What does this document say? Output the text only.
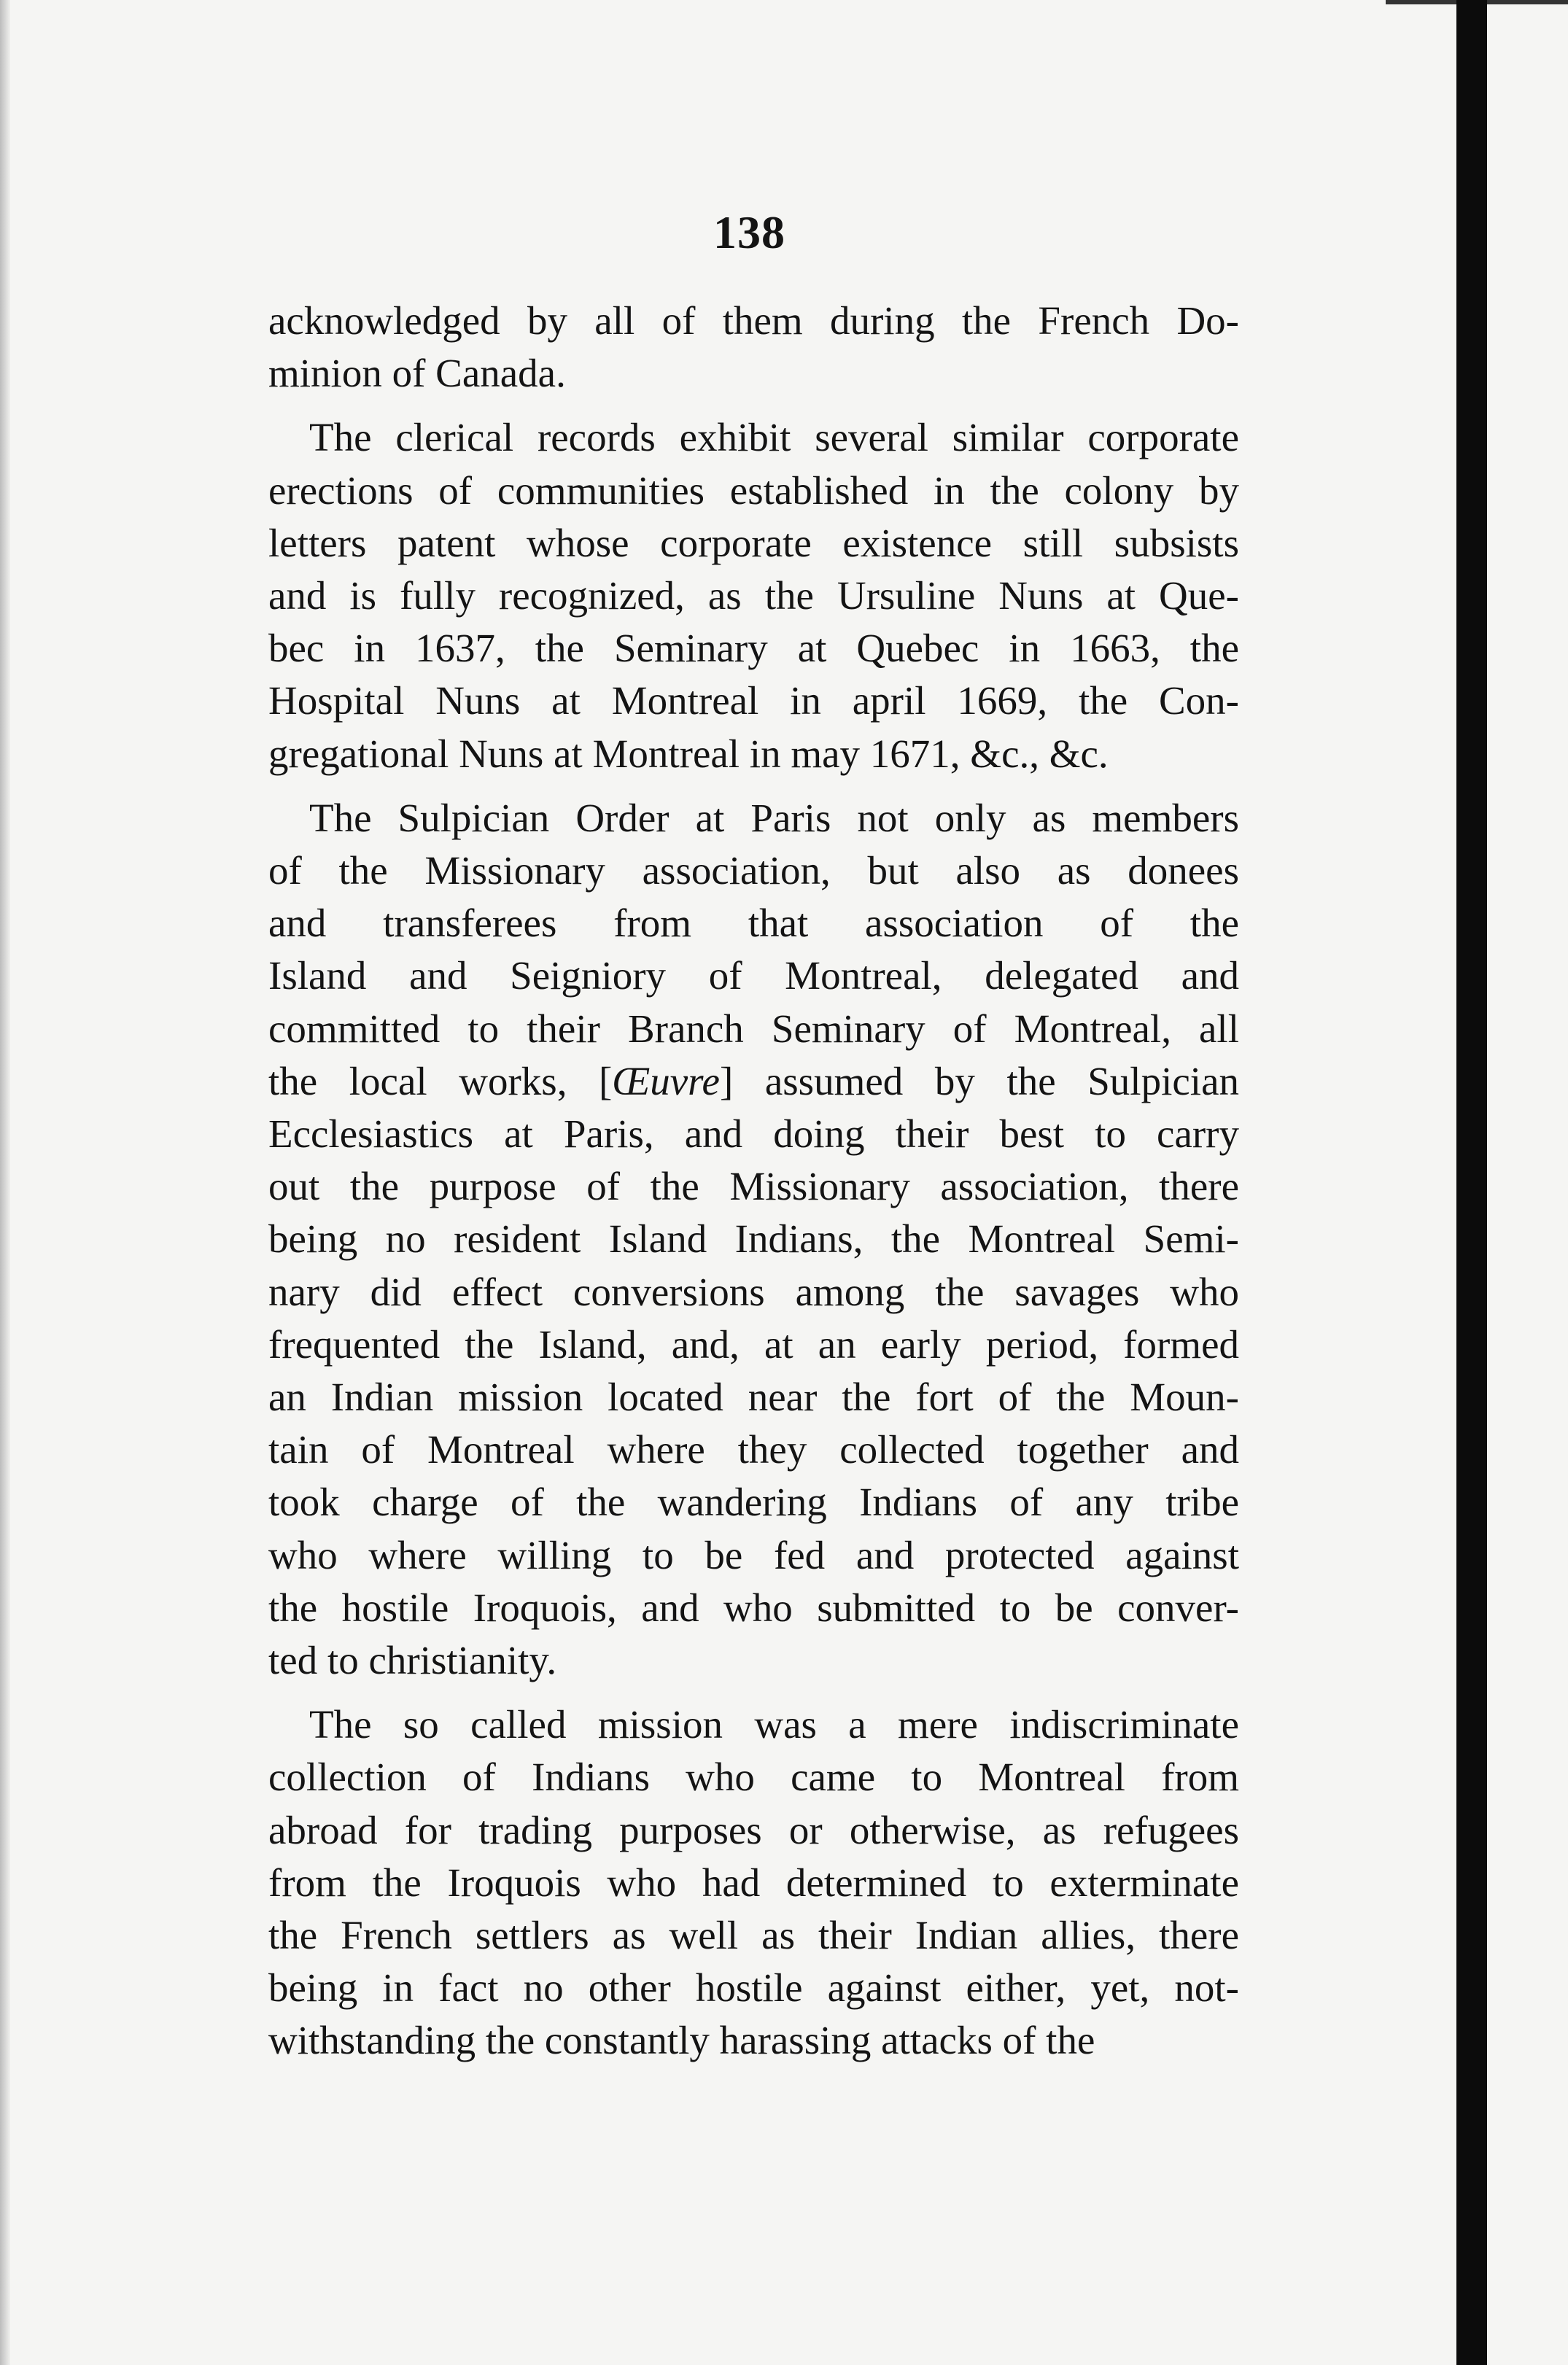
138
acknowledged by all of them during the French Do-
minion of Canada.
The clerical records exhibit several similar corporate
erections of communities established in the colony by
letters patent whose corporate existence still subsists
and is fully recognized, as the Ursuline Nuns at Que-
bec in 1637, the Seminary at Quebec in 1663, the
Hospital Nuns at Montreal in april 1669, the Con-
gregational Nuns at Montreal in may 1671, &c., &c.
The Sulpician Order at Paris not only as members
of the Missionary association, but also as donees
and transferees from that association of the
Island and Seigniory of Montreal, delegated and
committed to their Branch Seminary of Montreal, all
the local works, [Œuvre] assumed by the Sulpician
Ecclesiastics at Paris, and doing their best to carry
out the purpose of the Missionary association, there
being no resident Island Indians, the Montreal Semi-
nary did effect conversions among the savages who
frequented the Island, and, at an early period, formed
an Indian mission located near the fort of the Moun-
tain of Montreal where they collected together and
took charge of the wandering Indians of any tribe
who where willing to be fed and protected against
the hostile Iroquois, and who submitted to be conver-
ted to christianity.
The so called mission was a mere indiscriminate
collection of Indians who came to Montreal from
abroad for trading purposes or otherwise, as refugees
from the Iroquois who had determined to exterminate
the French settlers as well as their Indian allies, there
being in fact no other hostile against either, yet, not-
withstanding the constantly harassing attacks of the
